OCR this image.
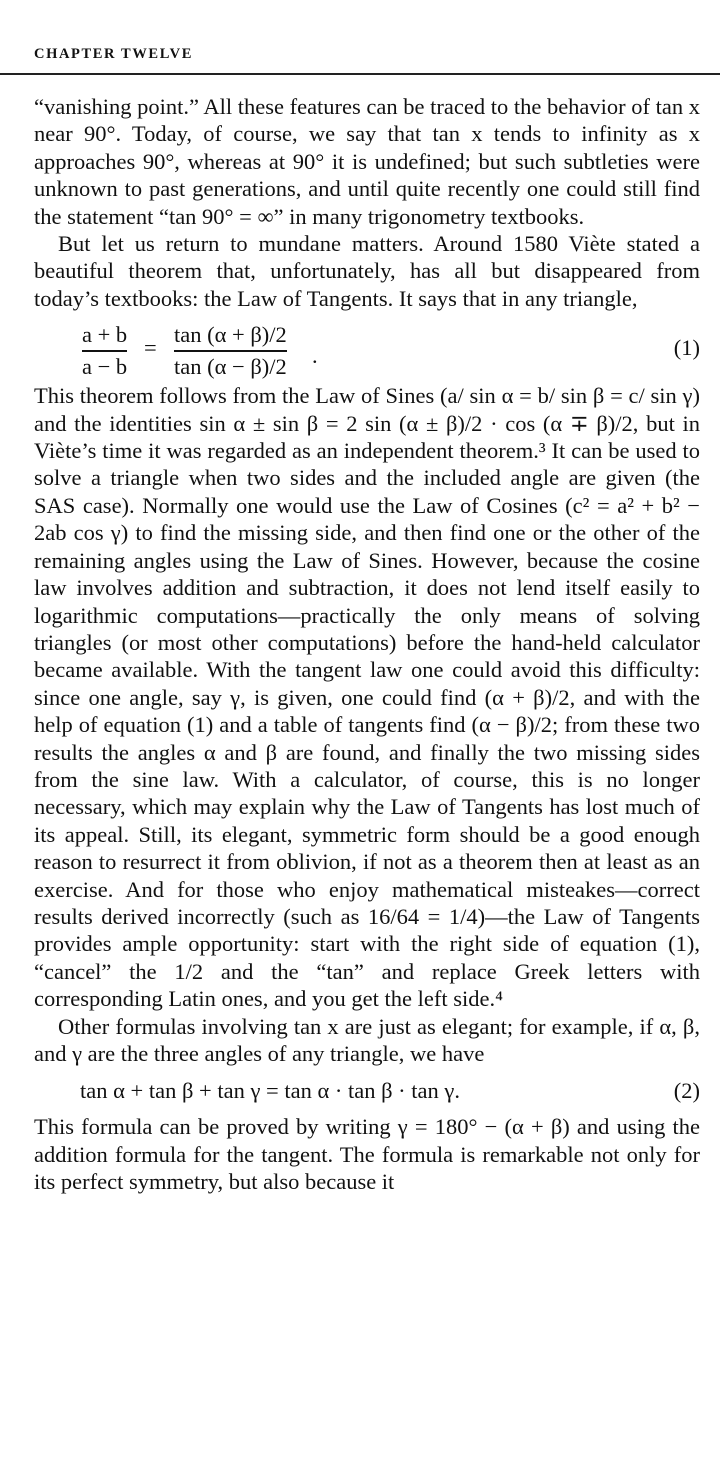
CHAPTER TWELVE

“vanishing point.” All these features can be traced to the behavior of tan x near 90°. Today, of course, we say that tan x tends to infinity as x approaches 90°, whereas at 90° it is undefined; but such subtleties were unknown to past generations, and until quite recently one could still find the statement “tan 90° = ∞” in many trigonometry textbooks.

But let us return to mundane matters. Around 1580 Viète stated a beautiful theorem that, unfortunately, has all but disappeared from today’s textbooks: the Law of Tangents. It says that in any triangle,

a + b
a − b
=
tan (α + β)/2
tan (α − β)/2 .	(1)

This theorem follows from the Law of Sines (a/ sin α = b/ sin β = c/ sin γ) and the identities sin α ± sin β = 2 sin (α ± β)/2 · cos (α ∓ β)/2, but in Viète’s time it was regarded as an independent theorem.³ It can be used to solve a triangle when two sides and the included angle are given (the SAS case). Normally one would use the Law of Cosines (c² = a² + b² − 2ab cos γ) to find the missing side, and then find one or the other of the remaining angles using the Law of Sines. However, because the cosine law involves addition and subtraction, it does not lend itself easily to logarithmic computations—practically the only means of solving triangles (or most other computations) before the hand-held calculator became available. With the tangent law one could avoid this difficulty: since one angle, say γ, is given, one could find (α + β)/2, and with the help of equation (1) and a table of tangents find (α − β)/2; from these two results the angles α and β are found, and finally the two missing sides from the sine law. With a calculator, of course, this is no longer necessary, which may explain why the Law of Tangents has lost much of its appeal. Still, its elegant, symmetric form should be a good enough reason to resurrect it from oblivion, if not as a theorem then at least as an exercise. And for those who enjoy mathematical misteakes—correct results derived incorrectly (such as 16/64 = 1/4)—the Law of Tangents provides ample opportunity: start with the right side of equation (1), “cancel” the 1/2 and the “tan” and replace Greek letters with corresponding Latin ones, and you get the left side.⁴

Other formulas involving tan x are just as elegant; for example, if α, β, and γ are the three angles of any triangle, we have

tan α + tan β + tan γ = tan α · tan β · tan γ.	(2)

This formula can be proved by writing γ = 180° − (α + β) and using the addition formula for the tangent. The formula is remarkable not only for its perfect symmetry, but also because it
